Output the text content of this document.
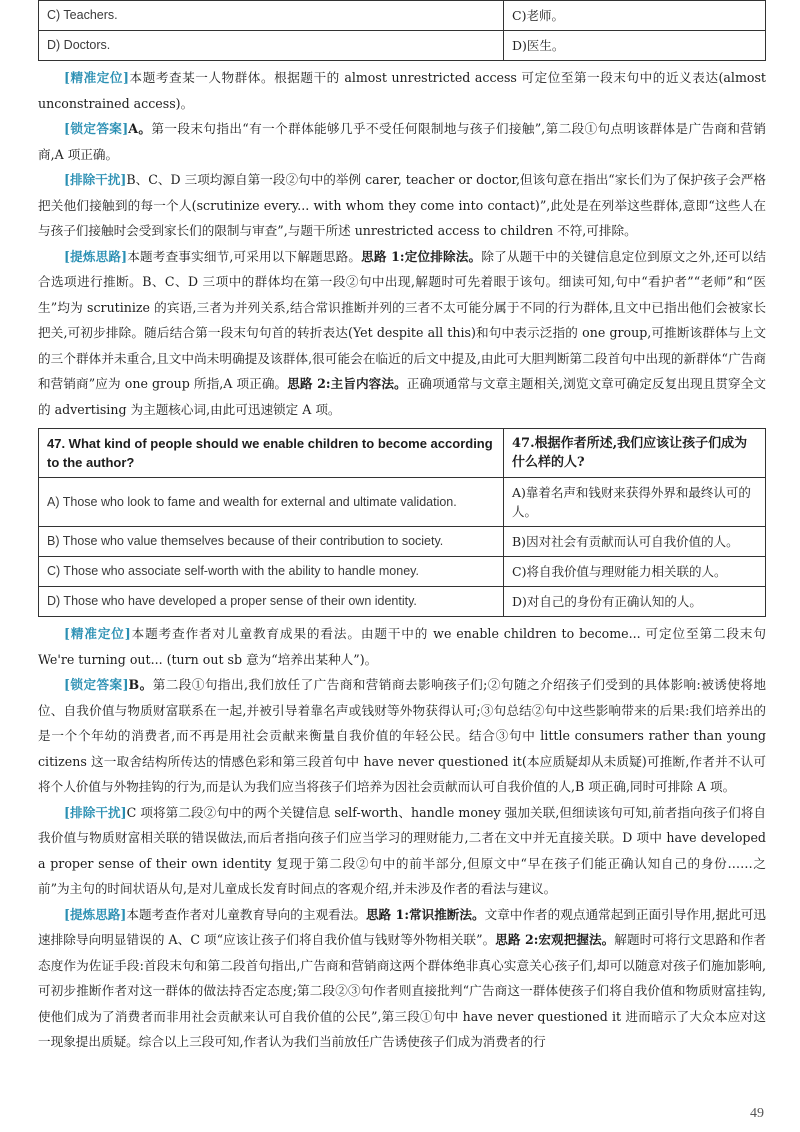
C) Teachers.	C)老师。
D) Doctors.	D)医生。

[精准定位]本题考查某一人物群体。根据题干的 almost unrestricted access 可定位至第一段末句中的近义表达(almost unconstrained access)。

[锁定答案]A。第一段末句指出“有一个群体能够几乎不受任何限制地与孩子们接触”,第二段①句点明该群体是广告商和营销商,A 项正确。

[排除干扰]B、C、D 三项均源自第一段②句中的举例 carer, teacher or doctor,但该句意在指出“家长们为了保护孩子会严格把关他们接触到的每一个人(scrutinize every... with whom they come into contact)”,此处是在列举这些群体,意即“这些人在与孩子们接触时会受到家长们的限制与审查”,与题干所述 unrestricted access to children 不符,可排除。

[提炼思路]本题考查事实细节,可采用以下解题思路。思路 1:定位排除法。除了从题干中的关键信息定位到原文之外,还可以结合选项进行推断。B、C、D 三项中的群体均在第一段②句中出现,解题时可先着眼于该句。细读可知,句中“看护者”“老师”和“医生”均为 scrutinize 的宾语,三者为并列关系,结合常识推断并列的三者不太可能分属于不同的行为群体,且文中已指出他们会被家长把关,可初步排除。随后结合第一段末句句首的转折表达(Yet despite all this)和句中表示泛指的 one group,可推断该群体与上文的三个群体并未重合,且文中尚未明确提及该群体,很可能会在临近的后文中提及,由此可大胆判断第二段首句中出现的新群体“广告商和营销商”应为 one group 所指,A 项正确。思路 2:主旨内容法。正确项通常与文章主题相关,浏览文章可确定反复出现且贯穿全文的 advertising 为主题核心词,由此可迅速锁定 A 项。

47. What kind of people should we enable children to become according to the author?	47.根据作者所述,我们应该让孩子们成为什么样的人?
A) Those who look to fame and wealth for external and ultimate validation.	A)靠着名声和钱财来获得外界和最终认可的人。
B) Those who value themselves because of their contribution to society.	B)因对社会有贡献而认可自我价值的人。
C) Those who associate self-worth with the ability to handle money.	C)将自我价值与理财能力相关联的人。
D) Those who have developed a proper sense of their own identity.	D)对自己的身份有正确认知的人。

[精准定位]本题考查作者对儿童教育成果的看法。由题干中的 we enable children to become... 可定位至第二段末句 We're turning out... (turn out sb 意为“培养出某种人”)。

[锁定答案]B。第二段①句指出,我们放任了广告商和营销商去影响孩子们;②句随之介绍孩子们受到的具体影响:被诱使将地位、自我价值与物质财富联系在一起,并被引导着靠名声或钱财等外物获得认可;③句总结②句中这些影响带来的后果:我们培养出的是一个个年幼的消费者,而不再是用社会贡献来衡量自我价值的年轻公民。结合③句中 little consumers rather than young citizens 这一取舍结构所传达的情感色彩和第三段首句中 have never questioned it(本应质疑却从未质疑)可推断,作者并不认可将个人价值与外物挂钩的行为,而是认为我们应当将孩子们培养为因社会贡献而认可自我价值的人,B 项正确,同时可排除 A 项。

[排除干扰]C 项将第二段②句中的两个关键信息 self-worth、handle money 强加关联,但细读该句可知,前者指向孩子们将自我价值与物质财富相关联的错误做法,而后者指向孩子们应当学习的理财能力,二者在文中并无直接关联。D 项中 have developed a proper sense of their own identity 复现于第二段②句中的前半部分,但原文中“早在孩子们能正确认知自己的身份……之前”为主句的时间状语从句,是对儿童成长发育时间点的客观介绍,并未涉及作者的看法与建议。

[提炼思路]本题考查作者对儿童教育导向的主观看法。思路 1:常识推断法。文章中作者的观点通常起到正面引导作用,据此可迅速排除导向明显错误的 A、C 项“应该让孩子们将自我价值与钱财等外物相关联”。思路 2:宏观把握法。解题时可将行文思路和作者态度作为佐证手段:首段末句和第二段首句指出,广告商和营销商这两个群体绝非真心实意关心孩子们,却可以随意对孩子们施加影响,可初步推断作者对这一群体的做法持否定态度;第二段②③句作者则直接批判“广告商这一群体使孩子们将自我价值和物质财富挂钩,使他们成为了消费者而非用社会贡献来认可自我价值的公民”,第三段①句中 have never questioned it 进而暗示了大众本应对这一现象提出质疑。综合以上三段可知,作者认为我们当前放任广告诱使孩子们成为消费者的行

49
